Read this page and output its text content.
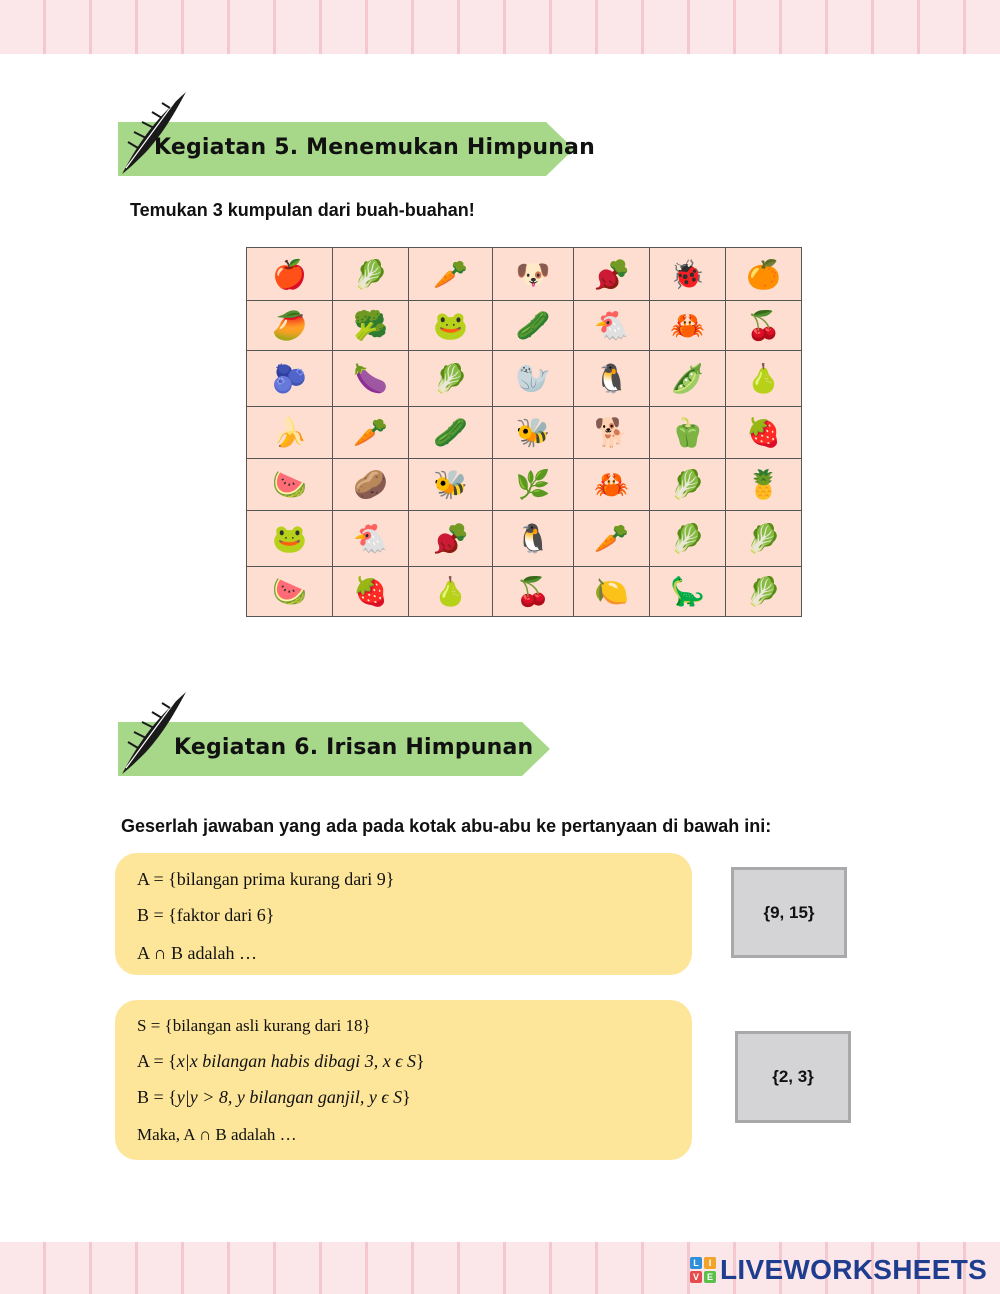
Kegiatan 5. Menemukan Himpunan
Temukan 3 kumpulan dari buah-buahan!
🍎	🥬	🥕	🐶	🫜	🐞	🍊
🥭	🥦	🐸	🥒	🐔	🦀	🍒
🫐	🍆	🥬	🦭	🐧	🫛	🍐
🍌	🥕	🥒	🐝	🐕	🫑	🍓
🍉	🥔	🐝	🌿	🦀	🥬	🍍
🐸	🐔	🫜	🐧	🥕	🥬	🥬
🍉	🍓	🍐	🍒	🍋	🦕	🥬
Kegiatan 6. Irisan Himpunan
Geserlah jawaban yang ada pada kotak abu-abu ke pertanyaan di bawah ini:
A = {bilangan prima kurang dari 9}
B = {faktor dari 6}
A ∩ B adalah …
S = {bilangan asli kurang dari 18}
A = {x|x bilangan habis dibagi 3, x ϵ S}
B = {y|y > 8, y bilangan ganjil, y ϵ S}
Maka, A ∩ B adalah …
{9, 15}
{2, 3}
L	I
V E LIVEWORKSHEETS
